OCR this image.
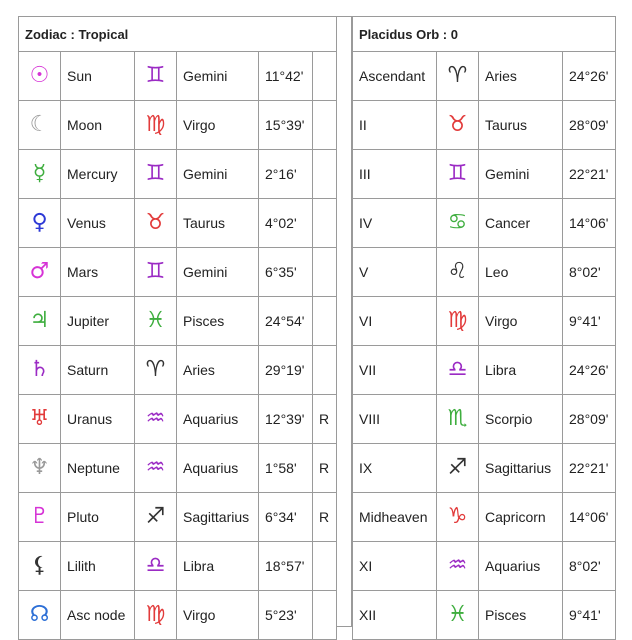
Zodiac : Tropical					
☉	Sun	♊	Gemini	11°42'	
☾	Moon	♍	Virgo	15°39'	
☿	Mercury	♊	Gemini	2°16'	
♀	Venus	♉	Taurus	4°02'	
♂	Mars	♊	Gemini	6°35'	
♃	Jupiter	♓	Pisces	24°54'	
♄	Saturn	♈	Aries	29°19'	
♅	Uranus	♒	Aquarius	12°39'	R
♆	Neptune	♒	Aquarius	1°58'	R
♇	Pluto	♐	Sagittarius	6°34'	R
⚸	Lilith	♎	Libra	18°57'	
☊	Asc node	♍	Virgo	5°23'	
Placidus Orb : 0			
Ascendant	♈	Aries	24°26'
II	♉	Taurus	28°09'
III	♊	Gemini	22°21'
IV	♋	Cancer	14°06'
V	♌	Leo	8°02'
VI	♍	Virgo	9°41'
VII	♎	Libra	24°26'
VIII	♏	Scorpio	28°09'
IX	♐	Sagittarius	22°21'
Midheaven	♑	Capricorn	14°06'
XI	♒	Aquarius	8°02'
XII	♓	Pisces	9°41'
